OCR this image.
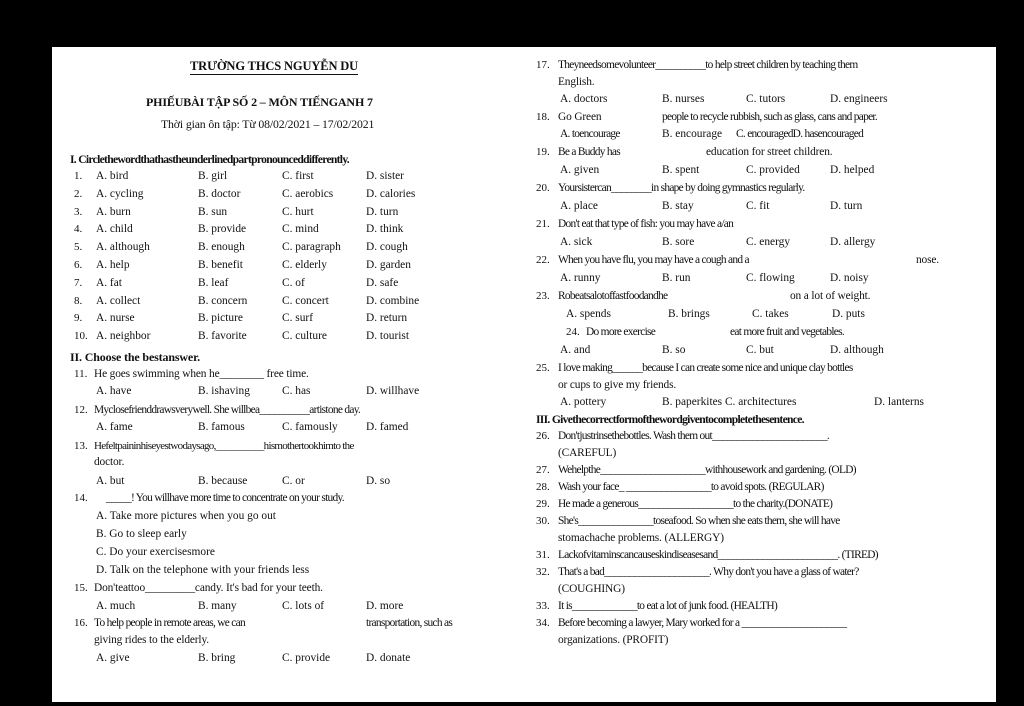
TRƯỜNG THCS NGUYỄN DU
PHIẾUBÀI TẬP SỐ 2 – MÔN TIẾNGANH 7
Thời gian ôn tập: Từ 08/02/2021 – 17/02/2021
I. Circlethewordthathastheunderlinedpartpronounceddifferently.
1. A. bird	B. girl	C. first	D. sister
2. A. cycling	B. doctor	C. aerobics	D. calories
3. A. burn	B. sun	C. hurt	D. turn
4. A. child	B. provide	C. mind	D. think
5. A. although	B. enough	C. paragraph D. cough
6. A. help	B. benefit	C. elderly	D. garden
7. A. fat	B. leaf	C. of	D. safe
8. A. collect	B. concern	C. concert	D. combine
9. A. nurse	B. picture	C. surf	D. return
10. A. neighbor	B. favorite	C. culture	D. tourist
II. Choose the bestanswer.
11. He goes swimming when he________ free time.
A. have	B. ishaving	C. has	D. willhave
12. Myclosefrienddrawsverywell. She willbea__________artistone day.
A. fame	B. famous	C. famously D. famed
13. Hefeltpaininhiseyestwodaysago,__________hismothertookhimto the
doctor.
A. but	B. because	C. or	D. so
14. _____! You willhave more time to concentrate on your study.
A. Take more pictures when you go out
B. Go to sleep early
C. Do your exercisesmore
D. Talk on the telephone with your friends less
15. Don'teattoo_________candy. It's bad for your teeth.
A. much	B. many	C. lots of	D. more
16. To help people in remote areas, we can	transportation, such as
giving rides to the elderly.
A. give	B. bring	C. provide	D. donate
17. Theyneedsomevolunteer__________to help street children by teaching them
English.
A. doctors	B. nurses	C. tutors	D. engineers
18. Go Green	people to recycle rubbish, such as glass, cans and paper.
A. toencourage	B. encourage C. encouragedD. hasencouraged
19. Be a Buddy has	education for street children.
A. given	B. spent	C. provided	D. helped
20. Yoursistercan________in shape by doing gymnastics regularly.
A. place	B. stay	C. fit	D. turn
21. Don't eat that type of fish: you may have a/an
A. sick	B. sore	C. energy	D. allergy
22. When you have flu, you may have a cough and a	nose.
A. runny	B. run	C. flowing	D. noisy
23. Robeatsalotoffastfoodandhe	on a lot of weight.
A. spends	B. brings	C. takes	D. puts
24. Do more exercise	eat more fruit and vegetables.
A. and	B. so	C. but	D. although
25. I love making______because I can create some nice and unique clay bottles
or cups to give my friends.
A. pottery	B. paperkites C. architectures	D. lanterns
III. Givethecorrectformofthewordgiventocompletethesentence.
26. Don'tjustrinsethebottles. Wash them out_______________________.
(CAREFUL)
27. Wehelpthe_____________________withhousework and gardening. (OLD)
28. Wash your face_ _________________to avoid spots. (REGULAR)
29. He made a generous___________________to the charity.(DONATE)
30. She's_______________toseafood. So when she eats them, she will have
stomachache problems. (ALLERGY)
31. Lackofvitaminscancauseskindiseasesand________________________. (TIRED)
32. That's a bad_____________________. Why don't you have a glass of water?
(COUGHING)
33. It is_____________to eat a lot of junk food. (HEALTH)
34. Before becoming a lawyer, Mary worked for a _____________________
organizations. (PROFIT)
